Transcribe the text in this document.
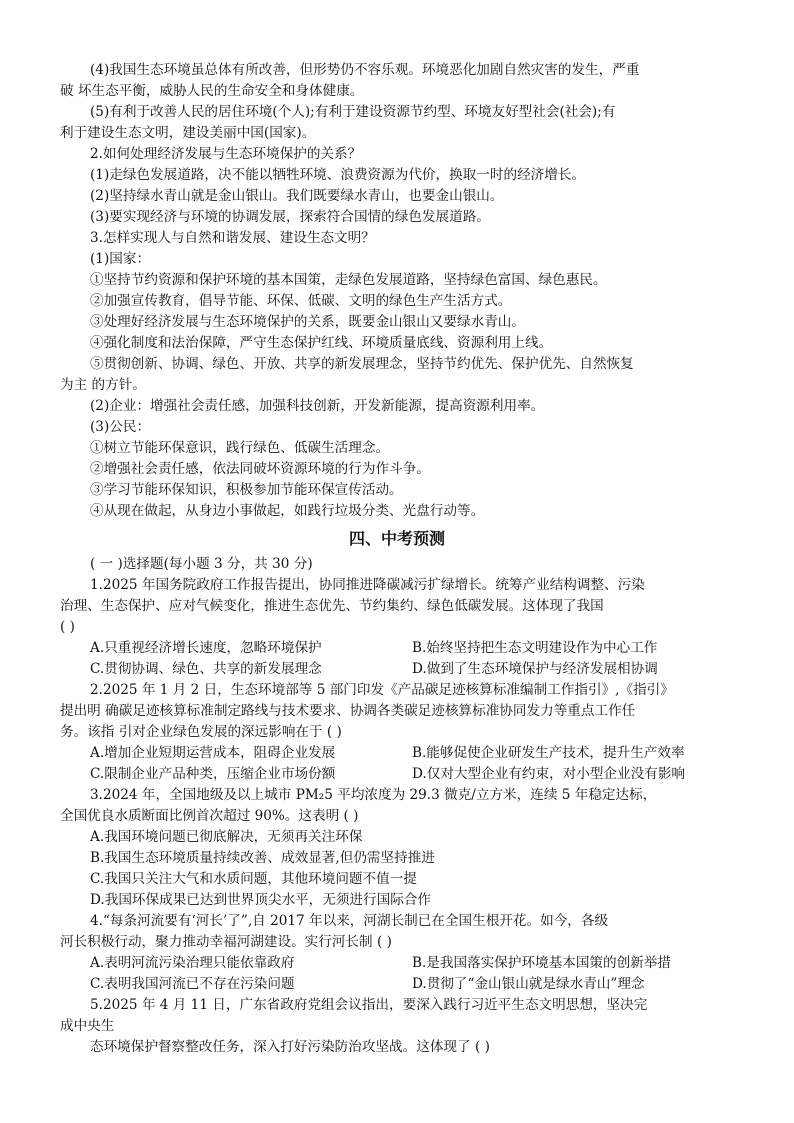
(4)我国生态环境虽总体有所改善，但形势仍不容乐观。环境恶化加剧自然灾害的发生，严重
破 坏生态平衡，威胁人民的生命安全和身体健康。
(5)有利于改善人民的居住环境(个人);有利于建设资源节约型、环境友好型社会(社会);有
利于建设生态文明，建设美丽中国(国家)。
2.如何处理经济发展与生态环境保护的关系？
(1)走绿色发展道路，决不能以牺牲环境、浪费资源为代价，换取一时的经济增长。
(2)坚持绿水青山就是金山银山。我们既要绿水青山，也要金山银山。
(3)要实现经济与环境的协调发展，探索符合国情的绿色发展道路。
3.怎样实现人与自然和谐发展、建设生态文明？
(1)国家：
①坚持节约资源和保护环境的基本国策，走绿色发展道路，坚持绿色富国、绿色惠民。
②加强宣传教育，倡导节能、环保、低碳、文明的绿色生产生活方式。
③处理好经济发展与生态环境保护的关系，既要金山银山又要绿水青山。
④强化制度和法治保障，严守生态保护红线、环境质量底线、资源利用上线。
⑤贯彻创新、协调、绿色、开放、共享的新发展理念，坚持节约优先、保护优先、自然恢复
为主 的方针。
(2)企业：增强社会责任感，加强科技创新，开发新能源，提高资源利用率。
(3)公民：
①树立节能环保意识，践行绿色、低碳生活理念。
②增强社会责任感，依法同破坏资源环境的行为作斗争。
③学习节能环保知识，积极参加节能环保宣传活动。
④从现在做起，从身边小事做起，如践行垃圾分类、光盘行动等。
四、中考预测
( 一 )选择题(每小题 3 分，共 30 分)
1.2025 年国务院政府工作报告提出，协同推进降碳减污扩绿增长。统筹产业结构调整、污染
治理、生态保护、应对气候变化，推进生态优先、节约集约、绿色低碳发展。这体现了我国
( )
A.只重视经济增长速度，忽略环境保护	B.始终坚持把生态文明建设作为中心工作
C.贯彻协调、绿色、共享的新发展理念	D.做到了生态环境保护与经济发展相协调
2.2025 年 1 月 2 日，生态环境部等 5 部门印发《产品碳足迹核算标准编制工作指引》,《指引》
提出明 确碳足迹核算标准制定路线与技术要求、协调各类碳足迹核算标准协同发力等重点工作任
务。该指 引对企业绿色发展的深远影响在于 ( )
A.增加企业短期运营成本，阻碍企业发展	B.能够促使企业研发生产技术，提升生产效率
C.限制企业产品种类，压缩企业市场份额	D.仅对大型企业有约束，对小型企业没有影响
3.2024 年，全国地级及以上城市 PM₂5 平均浓度为 29.3 微克/立方米，连续 5 年稳定达标，
全国优良水质断面比例首次超过 90%。这表明 ( )
A.我国环境问题已彻底解决，无须再关注环保
B.我国生态环境质量持续改善、成效显著,但仍需坚持推进
C.我国只关注大气和水质问题，其他环境问题不值一提
D.我国环保成果已达到世界顶尖水平，无须进行国际合作
4.“每条河流要有‘河长’了”,自 2017 年以来，河湖长制已在全国生根开花。如今，各级
河长积极行动，聚力推动幸福河湖建设。实行河长制 ( )
A.表明河流污染治理只能依靠政府	B.是我国落实保护环境基本国策的创新举措
C.表明我国河流已不存在污染问题	D.贯彻了“金山银山就是绿水青山”理念
5.2025 年 4 月 11 日，广东省政府党组会议指出，要深入践行习近平生态文明思想，坚决完
成中央生
态环境保护督察整改任务，深入打好污染防治攻坚战。这体现了 ( )
